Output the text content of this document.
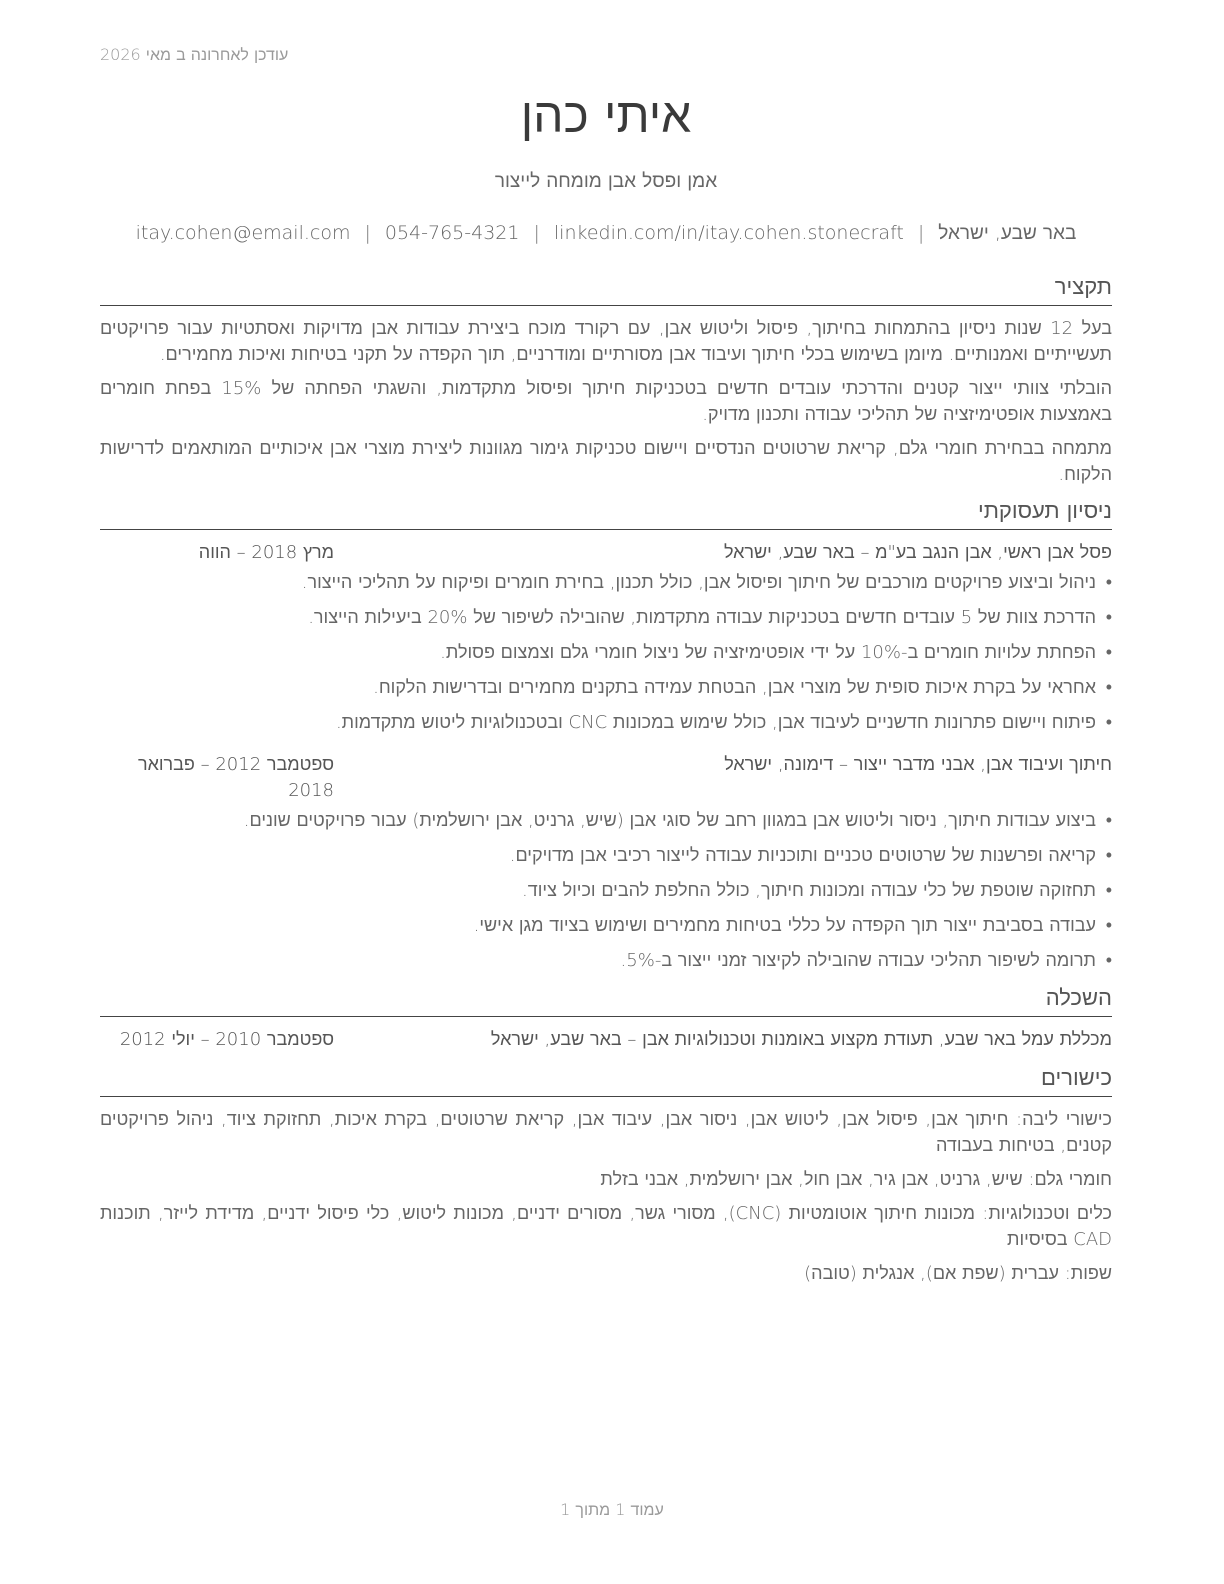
עודכן לאחרונה ב מאי 2026
איתי כהן
אמן ופסל אבן מומחה לייצור
באר שבע, ישראל|itay.cohen@email.com | 054-765-4321 | linkedin.com/in/itay.cohen.stonecraft
תקציר

בעל 12 שנות ניסיון בהתמחות בחיתוך, פיסול וליטוש אבן, עם רקורד מוכח ביצירת עבודות אבן מדויקות ואסתטיות עבור פרויקטים תעשייתיים ואמנותיים. מיומן בשימוש בכלי חיתוך ועיבוד אבן מסורתיים ומודרניים, תוך הקפדה על תקני בטיחות ואיכות מחמירים.

הובלתי צוותי ייצור קטנים והדרכתי עובדים חדשים בטכניקות חיתוך ופיסול מתקדמות, והשגתי הפחתה של 15% בפחת חומרים באמצעות אופטימיזציה של תהליכי עבודה ותכנון מדויק.

מתמחה בבחירת חומרי גלם, קריאת שרטוטים הנדסיים ויישום טכניקות גימור מגוונות ליצירת מוצרי אבן איכותיים המותאמים לדרישות הלקוח.

ניסיון תעסוקתי
פסל אבן ראשי, אבן הנגב בע"מ – באר שבע, ישראל
מרץ 2018 – הווה
• ניהול וביצוע פרויקטים מורכבים של חיתוך ופיסול אבן, כולל תכנון, בחירת חומרים ופיקוח על תהליכי הייצור.
• הדרכת צוות של 5 עובדים חדשים בטכניקות עבודה מתקדמות, שהובילה לשיפור של 20% ביעילות הייצור.
• הפחתת עלויות חומרים ב-10% על ידי אופטימיזציה של ניצול חומרי גלם וצמצום פסולת.
• אחראי על בקרת איכות סופית של מוצרי אבן, הבטחת עמידה בתקנים מחמירים ובדרישות הלקוח.
• פיתוח ויישום פתרונות חדשניים לעיבוד אבן, כולל שימוש במכונות CNC ובטכנולוגיות ליטוש מתקדמות.
חיתוך ועיבוד אבן, אבני מדבר ייצור – דימונה, ישראל
ספטמבר 2012 – פברואר 2018
• ביצוע עבודות חיתוך, ניסור וליטוש אבן במגוון רחב של סוגי אבן (שיש, גרניט, אבן ירושלמית) עבור פרויקטים שונים.
• קריאה ופרשנות של שרטוטים טכניים ותוכניות עבודה לייצור רכיבי אבן מדויקים.
• תחזוקה שוטפת של כלי עבודה ומכונות חיתוך, כולל החלפת להבים וכיול ציוד.
• עבודה בסביבת ייצור תוך הקפדה על כללי בטיחות מחמירים ושימוש בציוד מגן אישי.
• תרומה לשיפור תהליכי עבודה שהובילה לקיצור זמני ייצור ב-5%.
השכלה
מכללת עמל באר שבע, תעודת מקצוע באומנות וטכנולוגיות אבן – באר שבע, ישראל
ספטמבר 2010 – יולי 2012
כישורים

כישורי ליבה: חיתוך אבן, פיסול אבן, ליטוש אבן, ניסור אבן, עיבוד אבן, קריאת שרטוטים, בקרת איכות, תחזוקת ציוד, ניהול פרויקטים קטנים, בטיחות בעבודה

חומרי גלם: שיש, גרניט, אבן גיר, אבן חול, אבן ירושלמית, אבני בזלת

כלים וטכנולוגיות: מכונות חיתוך אוטומטיות (CNC), מסורי גשר, מסורים ידניים, מכונות ליטוש, כלי פיסול ידניים, מדידת לייזר, תוכנות CAD בסיסיות

שפות: עברית (שפת אם), אנגלית (טובה)

עמוד 1 מתוך 1
